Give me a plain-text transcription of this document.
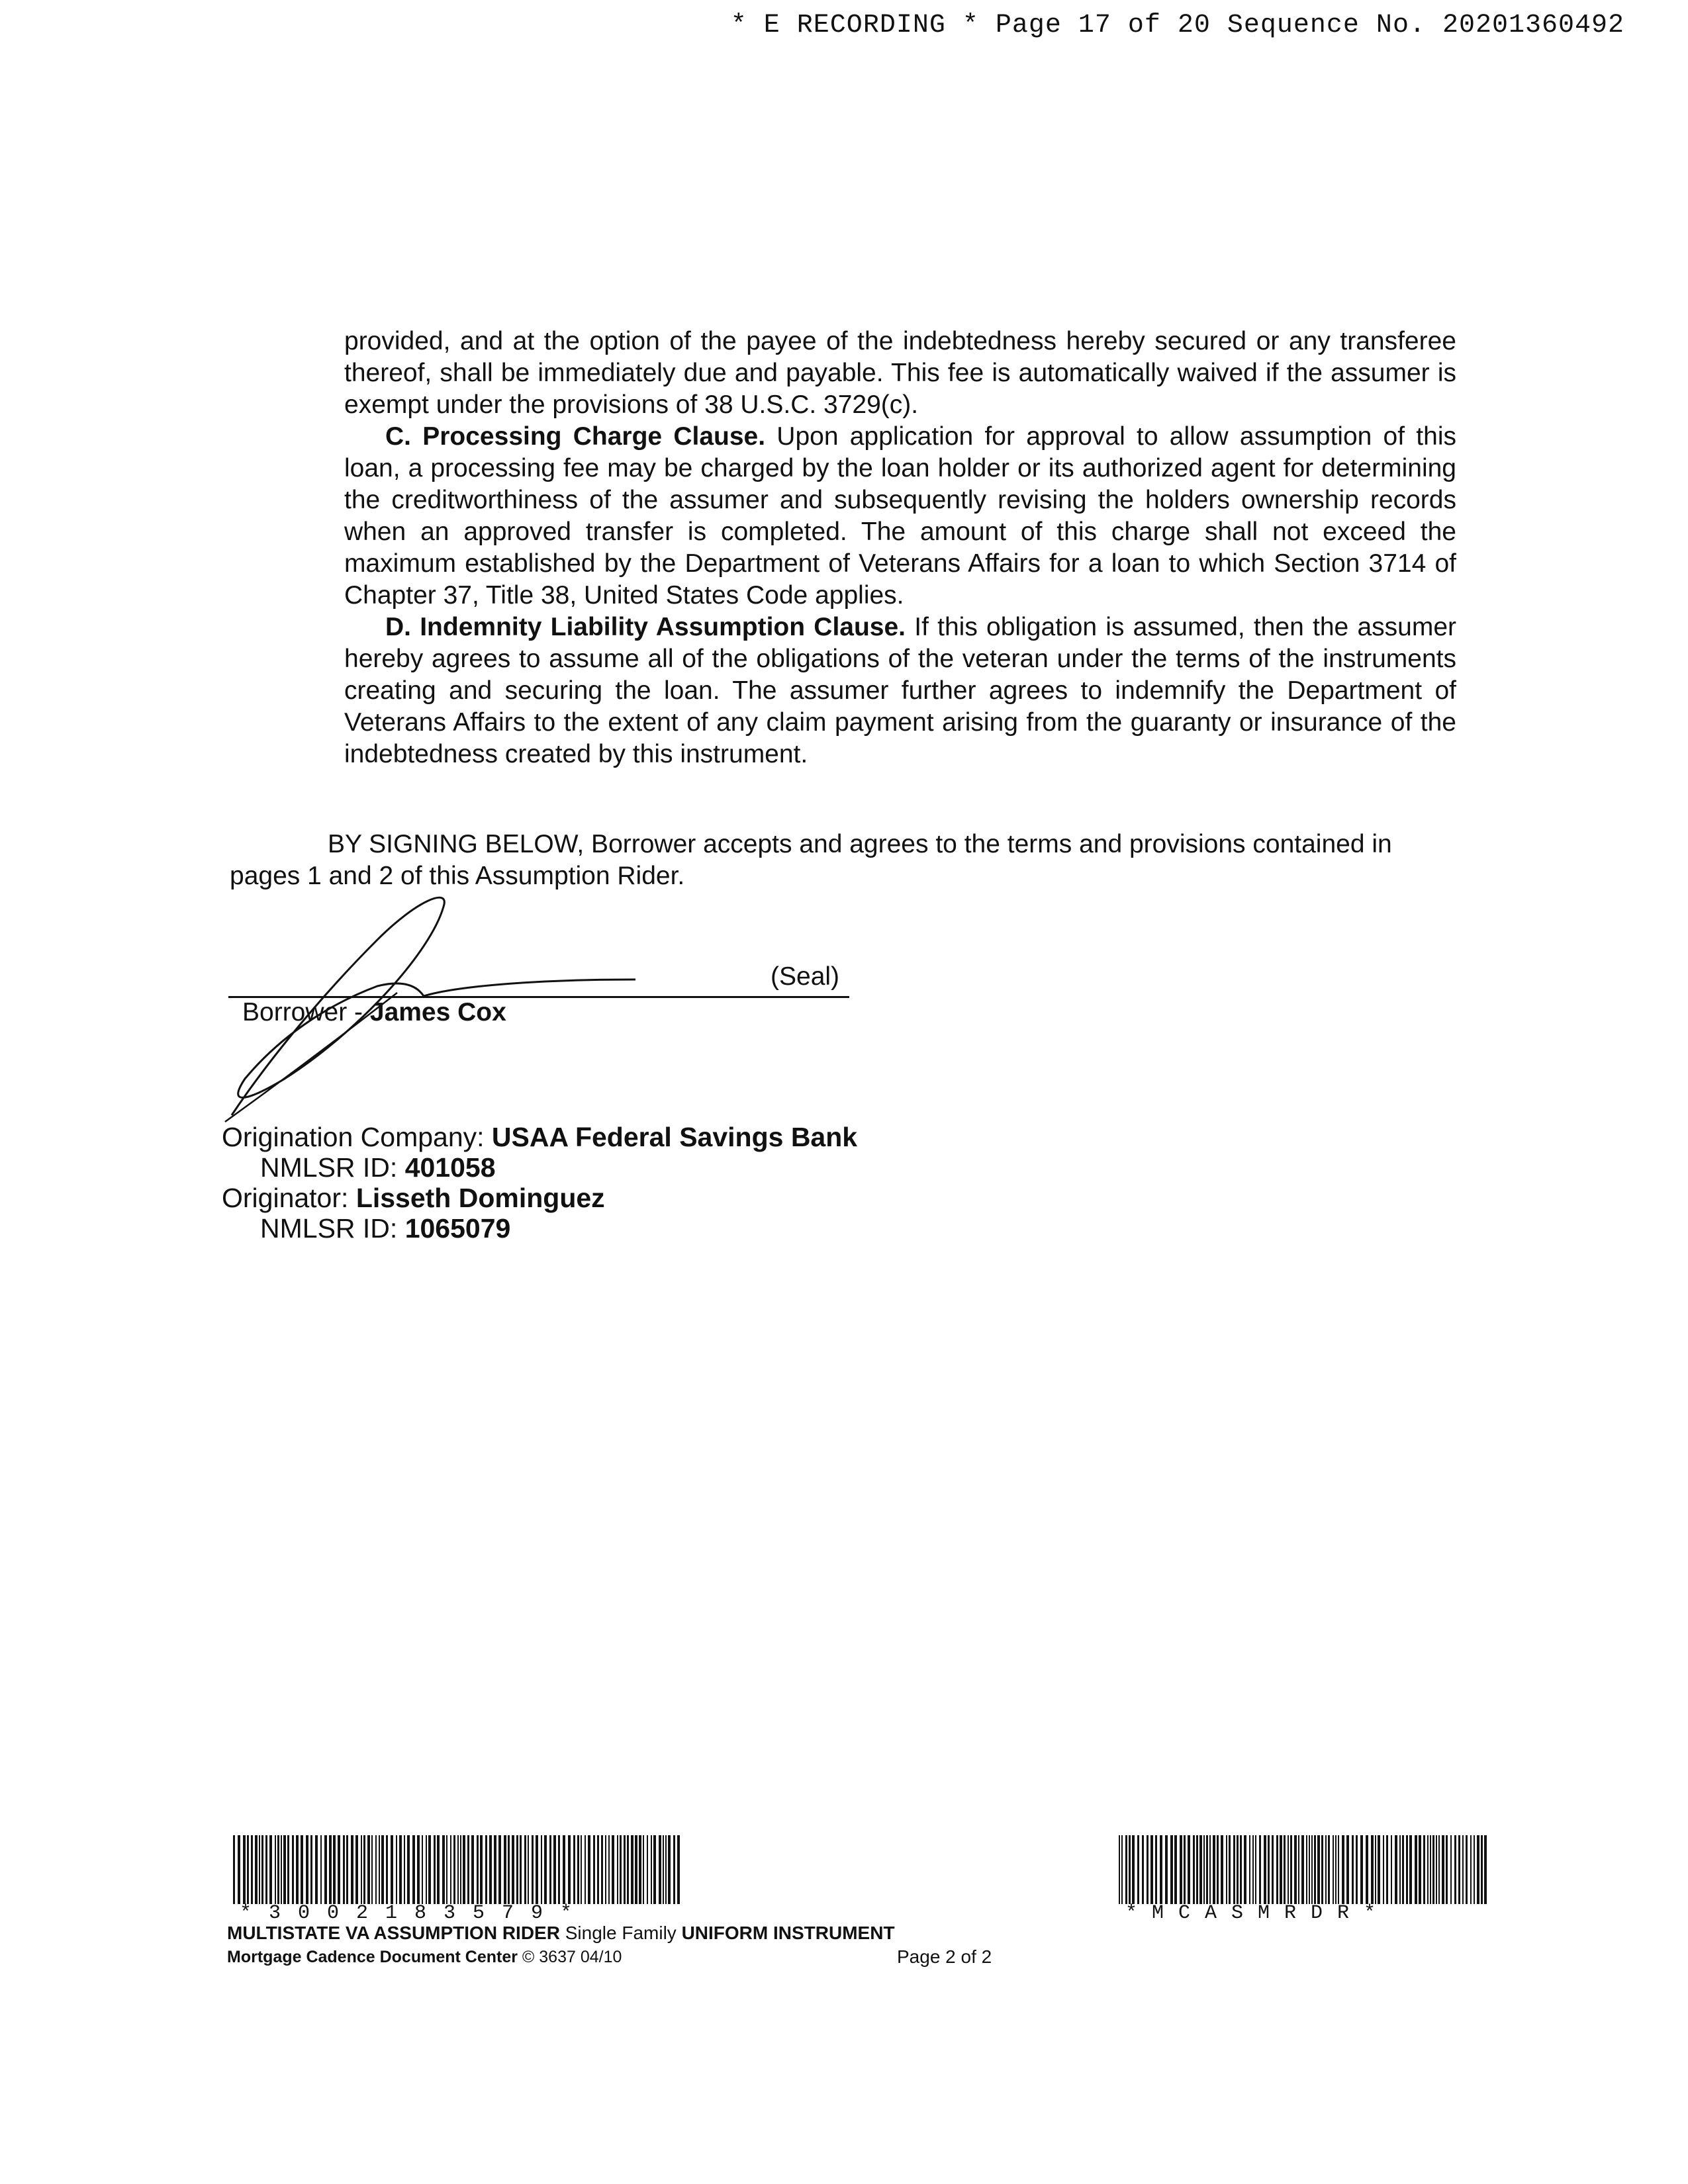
* E RECORDING * Page 17 of 20 Sequence No. 20201360492

provided, and at the option of the payee of the indebtedness hereby secured or any transferee thereof, shall be immediately due and payable. This fee is automatically waived if the assumer is exempt under the provisions of 38 U.S.C. 3729(c).

C. Processing Charge Clause. Upon application for approval to allow assumption of this loan, a processing fee may be charged by the loan holder or its authorized agent for determining the creditworthiness of the assumer and subsequently revising the holders ownership records when an approved transfer is completed. The amount of this charge shall not exceed the maximum established by the Department of Veterans Affairs for a loan to which Section 3714 of Chapter 37, Title 38, United States Code applies.

D. Indemnity Liability Assumption Clause. If this obligation is assumed, then the assumer hereby agrees to assume all of the obligations of the veteran under the terms of the instruments creating and securing the loan. The assumer further agrees to indemnify the Department of Veterans Affairs to the extent of any claim payment arising from the guaranty or insurance of the indebtedness created by this instrument.

BY SIGNING BELOW, Borrower accepts and agrees to the terms and provisions contained in

pages 1 and 2 of this Assumption Rider.

(Seal)
Borrower - James Cox
Origination Company: USAA Federal Savings Bank
NMLSR ID: 401058
Originator: Lisseth Dominguez
NMLSR ID: 1065079
*3002183579*	*MCASMRDR*
MULTISTATE VA ASSUMPTION RIDER Single Family UNIFORM INSTRUMENT
Mortgage Cadence Document Center © 3637 04/10	Page 2 of 2
